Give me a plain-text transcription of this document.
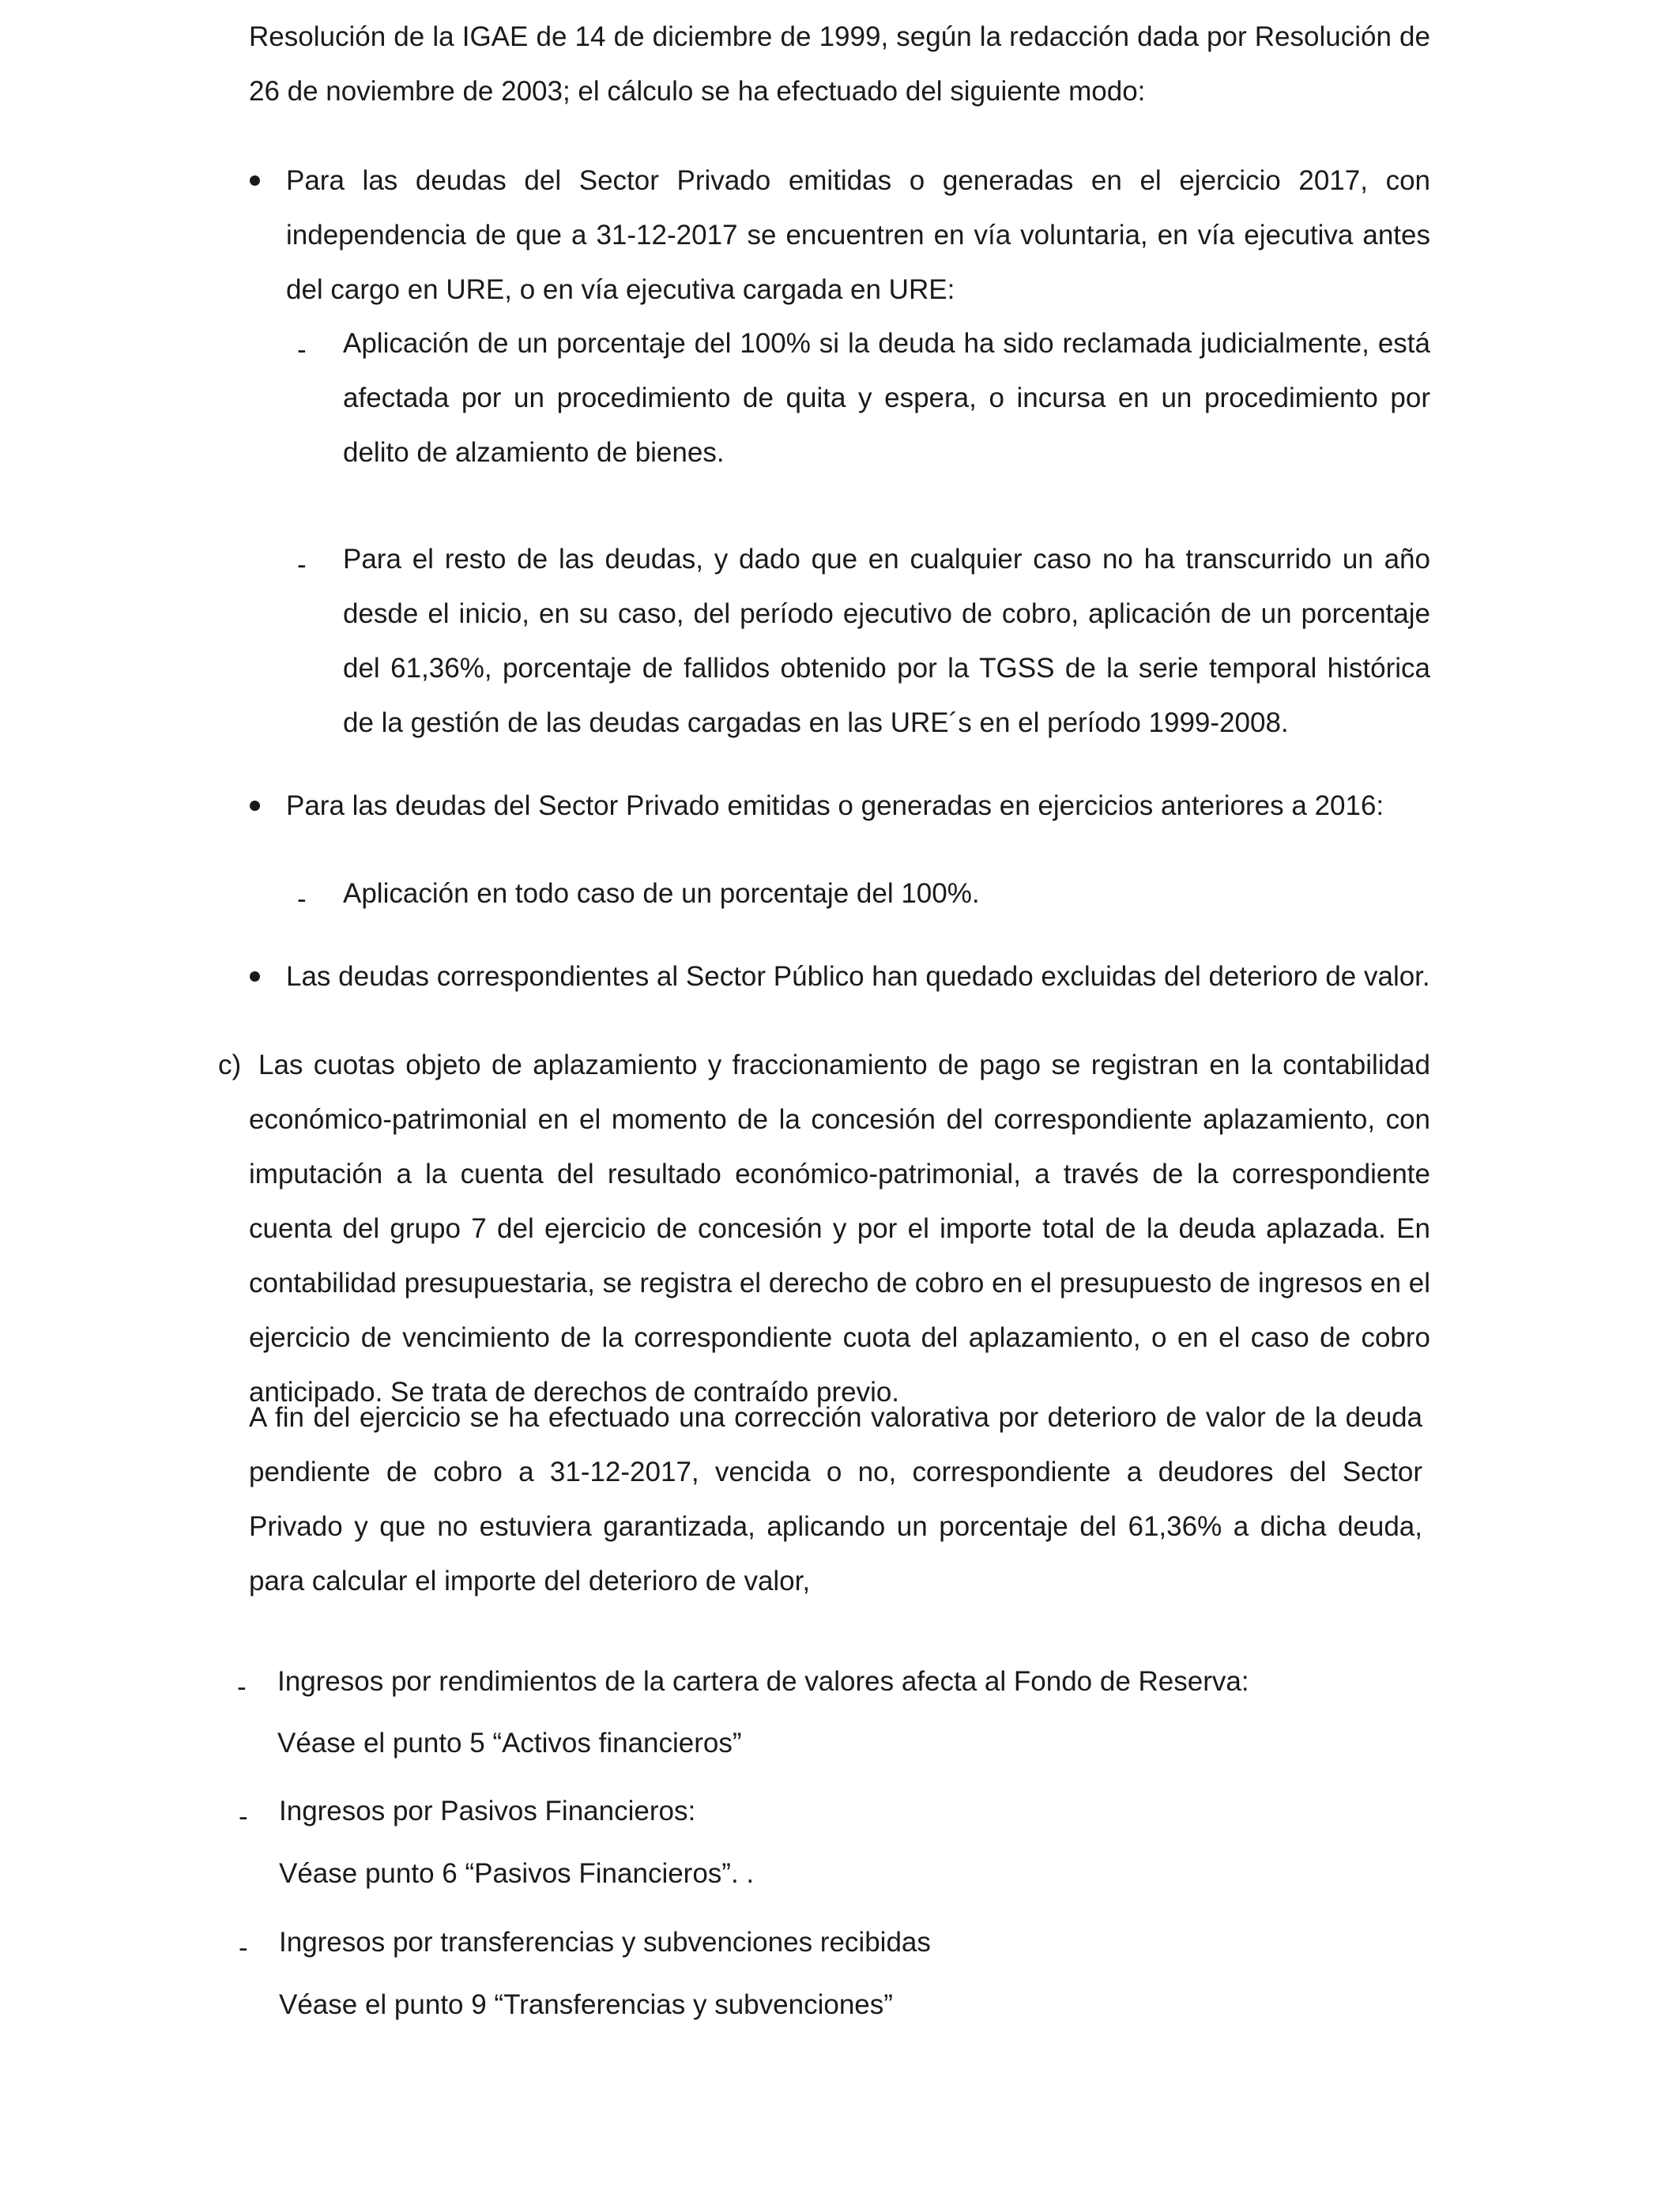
Resolución de la IGAE de 14 de diciembre de 1999, según la redacción dada por Resolución de 26 de noviembre de 2003; el cálculo se ha efectuado del siguiente modo:

Para las deudas del Sector Privado emitidas o generadas en el ejercicio 2017, con independencia de que a 31-12-2017 se encuentren en vía voluntaria, en vía ejecutiva antes del cargo en URE, o en vía ejecutiva cargada en URE:

- Aplicación de un porcentaje del 100% si la deuda ha sido reclamada judicialmente, está afectada por un procedimiento de quita y espera, o incursa en un procedimiento por delito de alzamiento de bienes.

- Para el resto de las deudas, y dado que en cualquier caso no ha transcurrido un año desde el inicio, en su caso, del período ejecutivo de cobro, aplicación de un porcentaje del 61,36%, porcentaje de fallidos obtenido por la TGSS de la serie temporal histórica de la gestión de las deudas cargadas en las URE´s en el período 1999-2008.

Para las deudas del Sector Privado emitidas o generadas en ejercicios anteriores a 2016:

- Aplicación en todo caso de un porcentaje del 100%.

Las deudas correspondientes al Sector Público han quedado excluidas del deterioro de valor.

c) Las cuotas objeto de aplazamiento y fraccionamiento de pago se registran en la contabilidad económico-patrimonial en el momento de la concesión del correspondiente aplazamiento, con imputación a la cuenta del resultado económico-patrimonial, a través de la correspondiente cuenta del grupo 7 del ejercicio de concesión y por el importe total de la deuda aplazada. En contabilidad presupuestaria, se registra el derecho de cobro en el presupuesto de ingresos en el ejercicio de vencimiento de la correspondiente cuota del aplazamiento, o en el caso de cobro anticipado. Se trata de derechos de contraído previo.

A fin del ejercicio se ha efectuado una corrección valorativa por deterioro de valor de la deuda pendiente de cobro a 31-12-2017, vencida o no, correspondiente a deudores del Sector Privado y que no estuviera garantizada, aplicando un porcentaje del 61,36% a dicha deuda, para calcular el importe del deterioro de valor,

- Ingresos por rendimientos de la cartera de valores afecta al Fondo de Reserva:

Véase el punto 5 “Activos financieros”

- Ingresos por Pasivos Financieros:

Véase punto 6 “Pasivos Financieros”. .

- Ingresos por transferencias y subvenciones recibidas

Véase el punto 9 “Transferencias y subvenciones”
